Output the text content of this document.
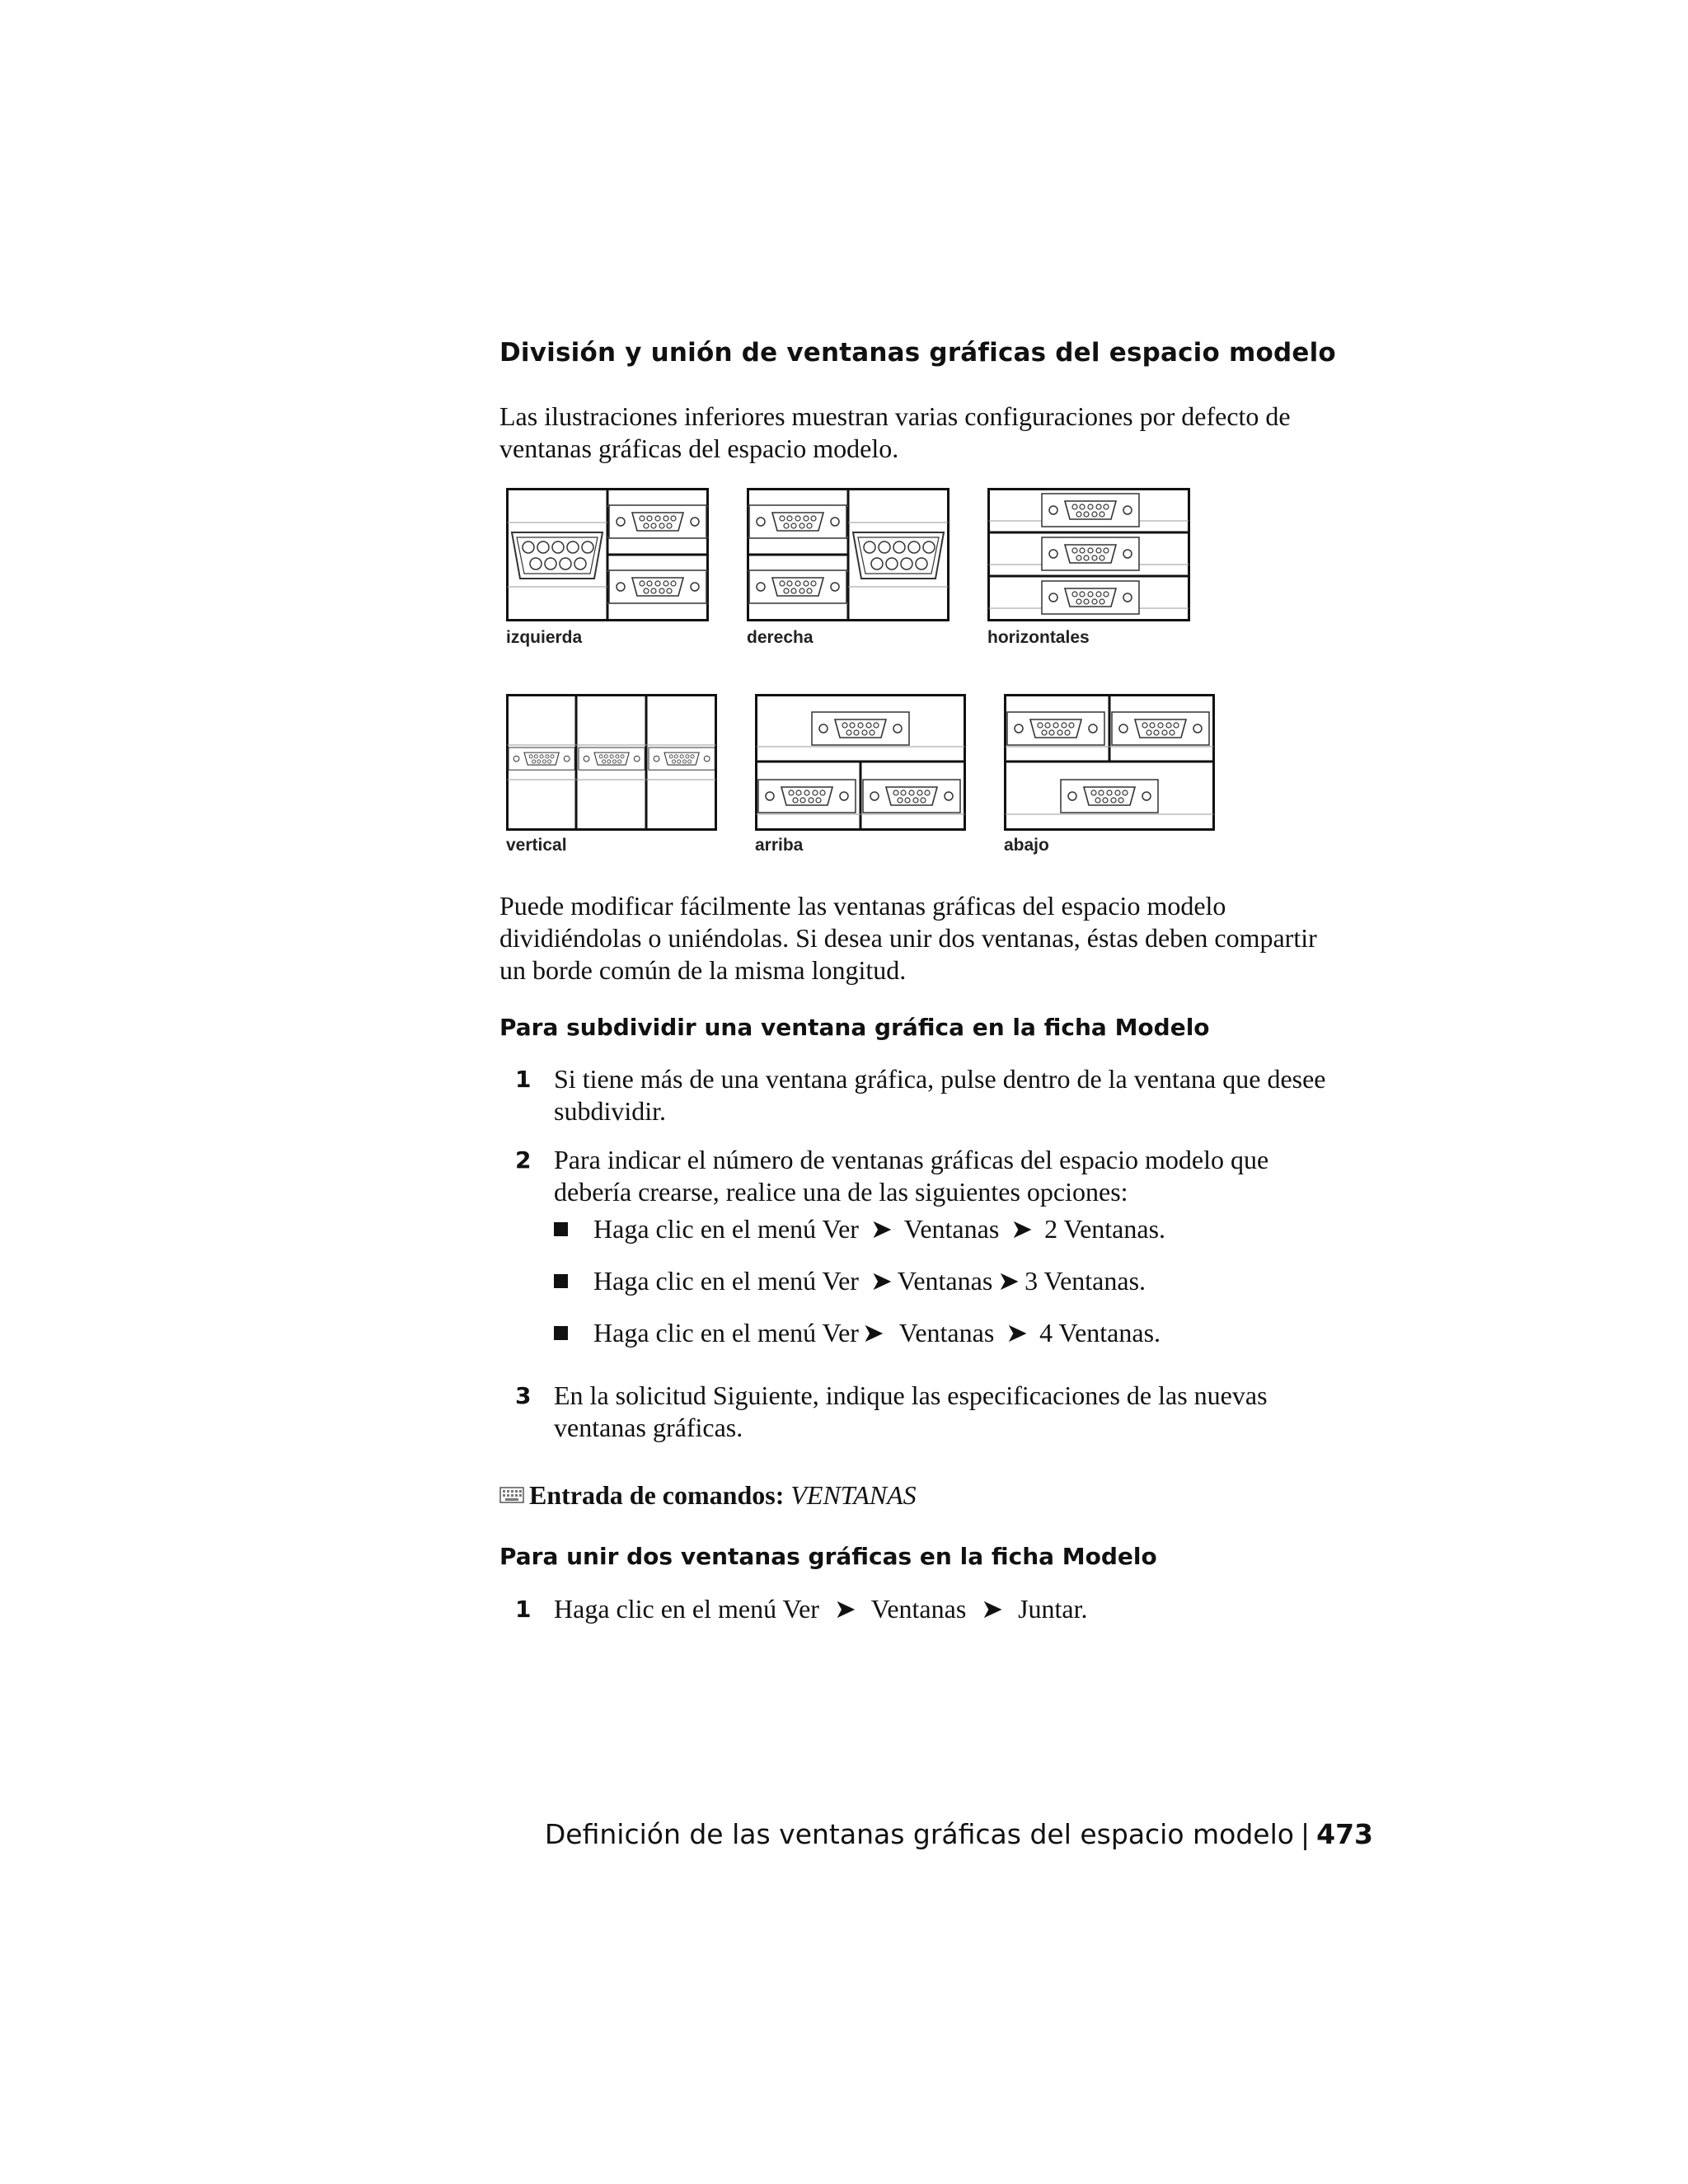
División y unión de ventanas gráficas del espacio modelo
Las ilustraciones inferiores muestran varias configuraciones por defecto de
ventanas gráficas del espacio modelo.
izquierda	derecha	horizontales
vertical	arriba	abajo
Puede modificar fácilmente las ventanas gráficas del espacio modelo
dividiéndolas o uniéndolas. Si desea unir dos ventanas, éstas deben compartir
un borde común de la misma longitud.
Para subdividir una ventana gráfica en la ficha Modelo
1 Si tiene más de una ventana gráfica, pulse dentro de la ventana que desee
subdividir.
2 Para indicar el número de ventanas gráficas del espacio modelo que
debería crearse, realice una de las siguientes opciones:
Haga clic en el menú Ver ➤ Ventanas ➤ 2 Ventanas.
Haga clic en el menú Ver ➤ Ventanas ➤ 3 Ventanas.
Haga clic en el menú Ver ➤ Ventanas ➤ 4 Ventanas.
3 En la solicitud Siguiente, indique las especificaciones de las nuevas
ventanas gráficas.
Entrada de comandos: VENTANAS
Para unir dos ventanas gráficas en la ficha Modelo
1 Haga clic en el menú Ver ➤ Ventanas ➤ Juntar.
Definición de las ventanas gráficas del espacio modelo | 473
